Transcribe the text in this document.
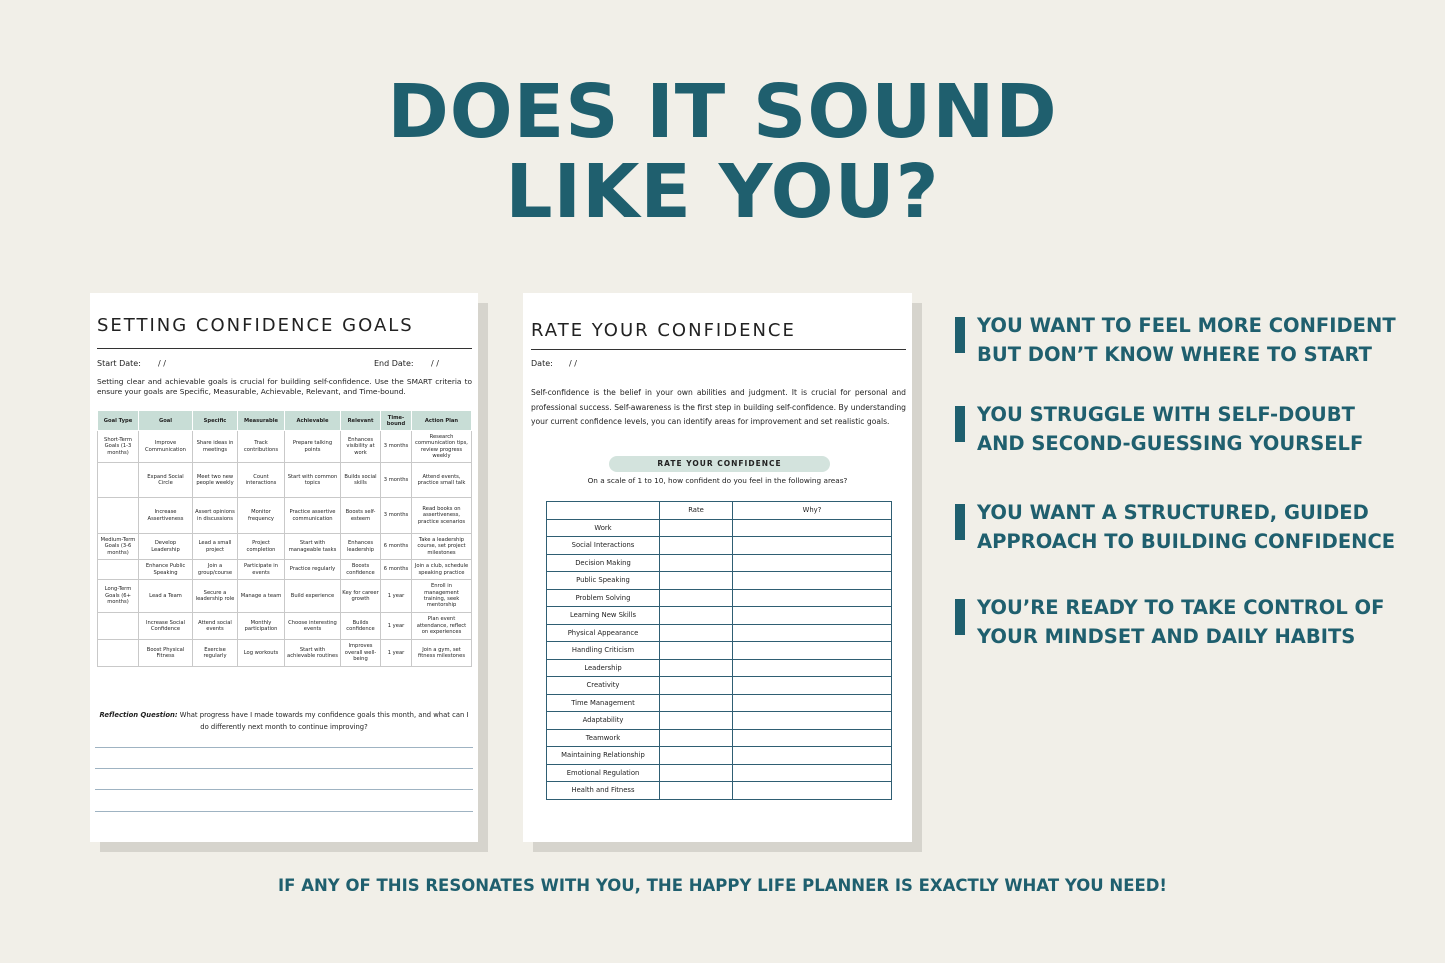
DOES IT SOUND
LIKE YOU?
SETTING CONFIDENCE GOALS
Start Date: / /	End Date: / /
Setting clear and achievable goals is crucial for building self-confidence. Use the SMART criteria to ensure your goals are Specific, Measurable, Achievable, Relevant, and Time-bound.
Goal Type	Goal	Specific	Measurable	Achievable	Relevant	Time-bound	Action Plan
Short-Term Goals (1-3 months)	Improve Communication	Share ideas in meetings	Track contributions	Prepare talking points	Enhances visibility at work	3 months	Research communication tips, review progress weekly
	Expand Social Circle	Meet two new people weekly	Count interactions	Start with common topics	Builds social skills	3 months	Attend events, practice small talk
	Increase Assertiveness	Assert opinions in discussions	Monitor frequency	Practice assertive communication	Boosts self-esteem	3 months	Read books on assertiveness, practice scenarios
Medium-Term Goals (3-6 months)	Develop Leadership	Lead a small project	Project completion	Start with manageable tasks	Enhances leadership	6 months	Take a leadership course, set project milestones
	Enhance Public Speaking	Join a group/course	Participate in events	Practice regularly	Boosts confidence	6 months	Join a club, schedule speaking practice
Long-Term Goals (6+ months)	Lead a Team	Secure a leadership role	Manage a team	Build experience	Key for career growth	1 year	Enroll in management training, seek mentorship
	Increase Social Confidence	Attend social events	Monthly participation	Choose interesting events	Builds confidence	1 year	Plan event attendance, reflect on experiences
	Boost Physical Fitness	Exercise regularly	Log workouts	Start with achievable routines	Improves overall well-being	1 year	Join a gym, set fitness milestones
Reflection Question: What progress have I made towards my confidence goals this month, and what can I do differently next month to continue improving?
RATE YOUR CONFIDENCE
Date: / /
Self-confidence is the belief in your own abilities and judgment. It is crucial for personal and professional success. Self-awareness is the first step in building self-confidence. By understanding your current confidence levels, you can identify areas for improvement and set realistic goals.
RATE YOUR CONFIDENCE
On a scale of 1 to 10, how confident do you feel in the following areas?
	Rate	Why?
Work		
Social Interactions		
Decision Making		
Public Speaking		
Problem Solving		
Learning New Skills		
Physical Appearance		
Handling Criticism		
Leadership		
Creativity		
Time Management		
Adaptability		
Teamwork		
Maintaining Relationship		
Emotional Regulation		
Health and Fitness		
YOU WANT TO FEEL MORE CONFIDENT BUT DON’T KNOW WHERE TO START
YOU STRUGGLE WITH SELF-DOUBT AND SECOND-GUESSING YOURSELF
YOU WANT A STRUCTURED, GUIDED APPROACH TO BUILDING CONFIDENCE
YOU’RE READY TO TAKE CONTROL OF YOUR MINDSET AND DAILY HABITS
IF ANY OF THIS RESONATES WITH YOU, THE HAPPY LIFE PLANNER IS EXACTLY WHAT YOU NEED!
